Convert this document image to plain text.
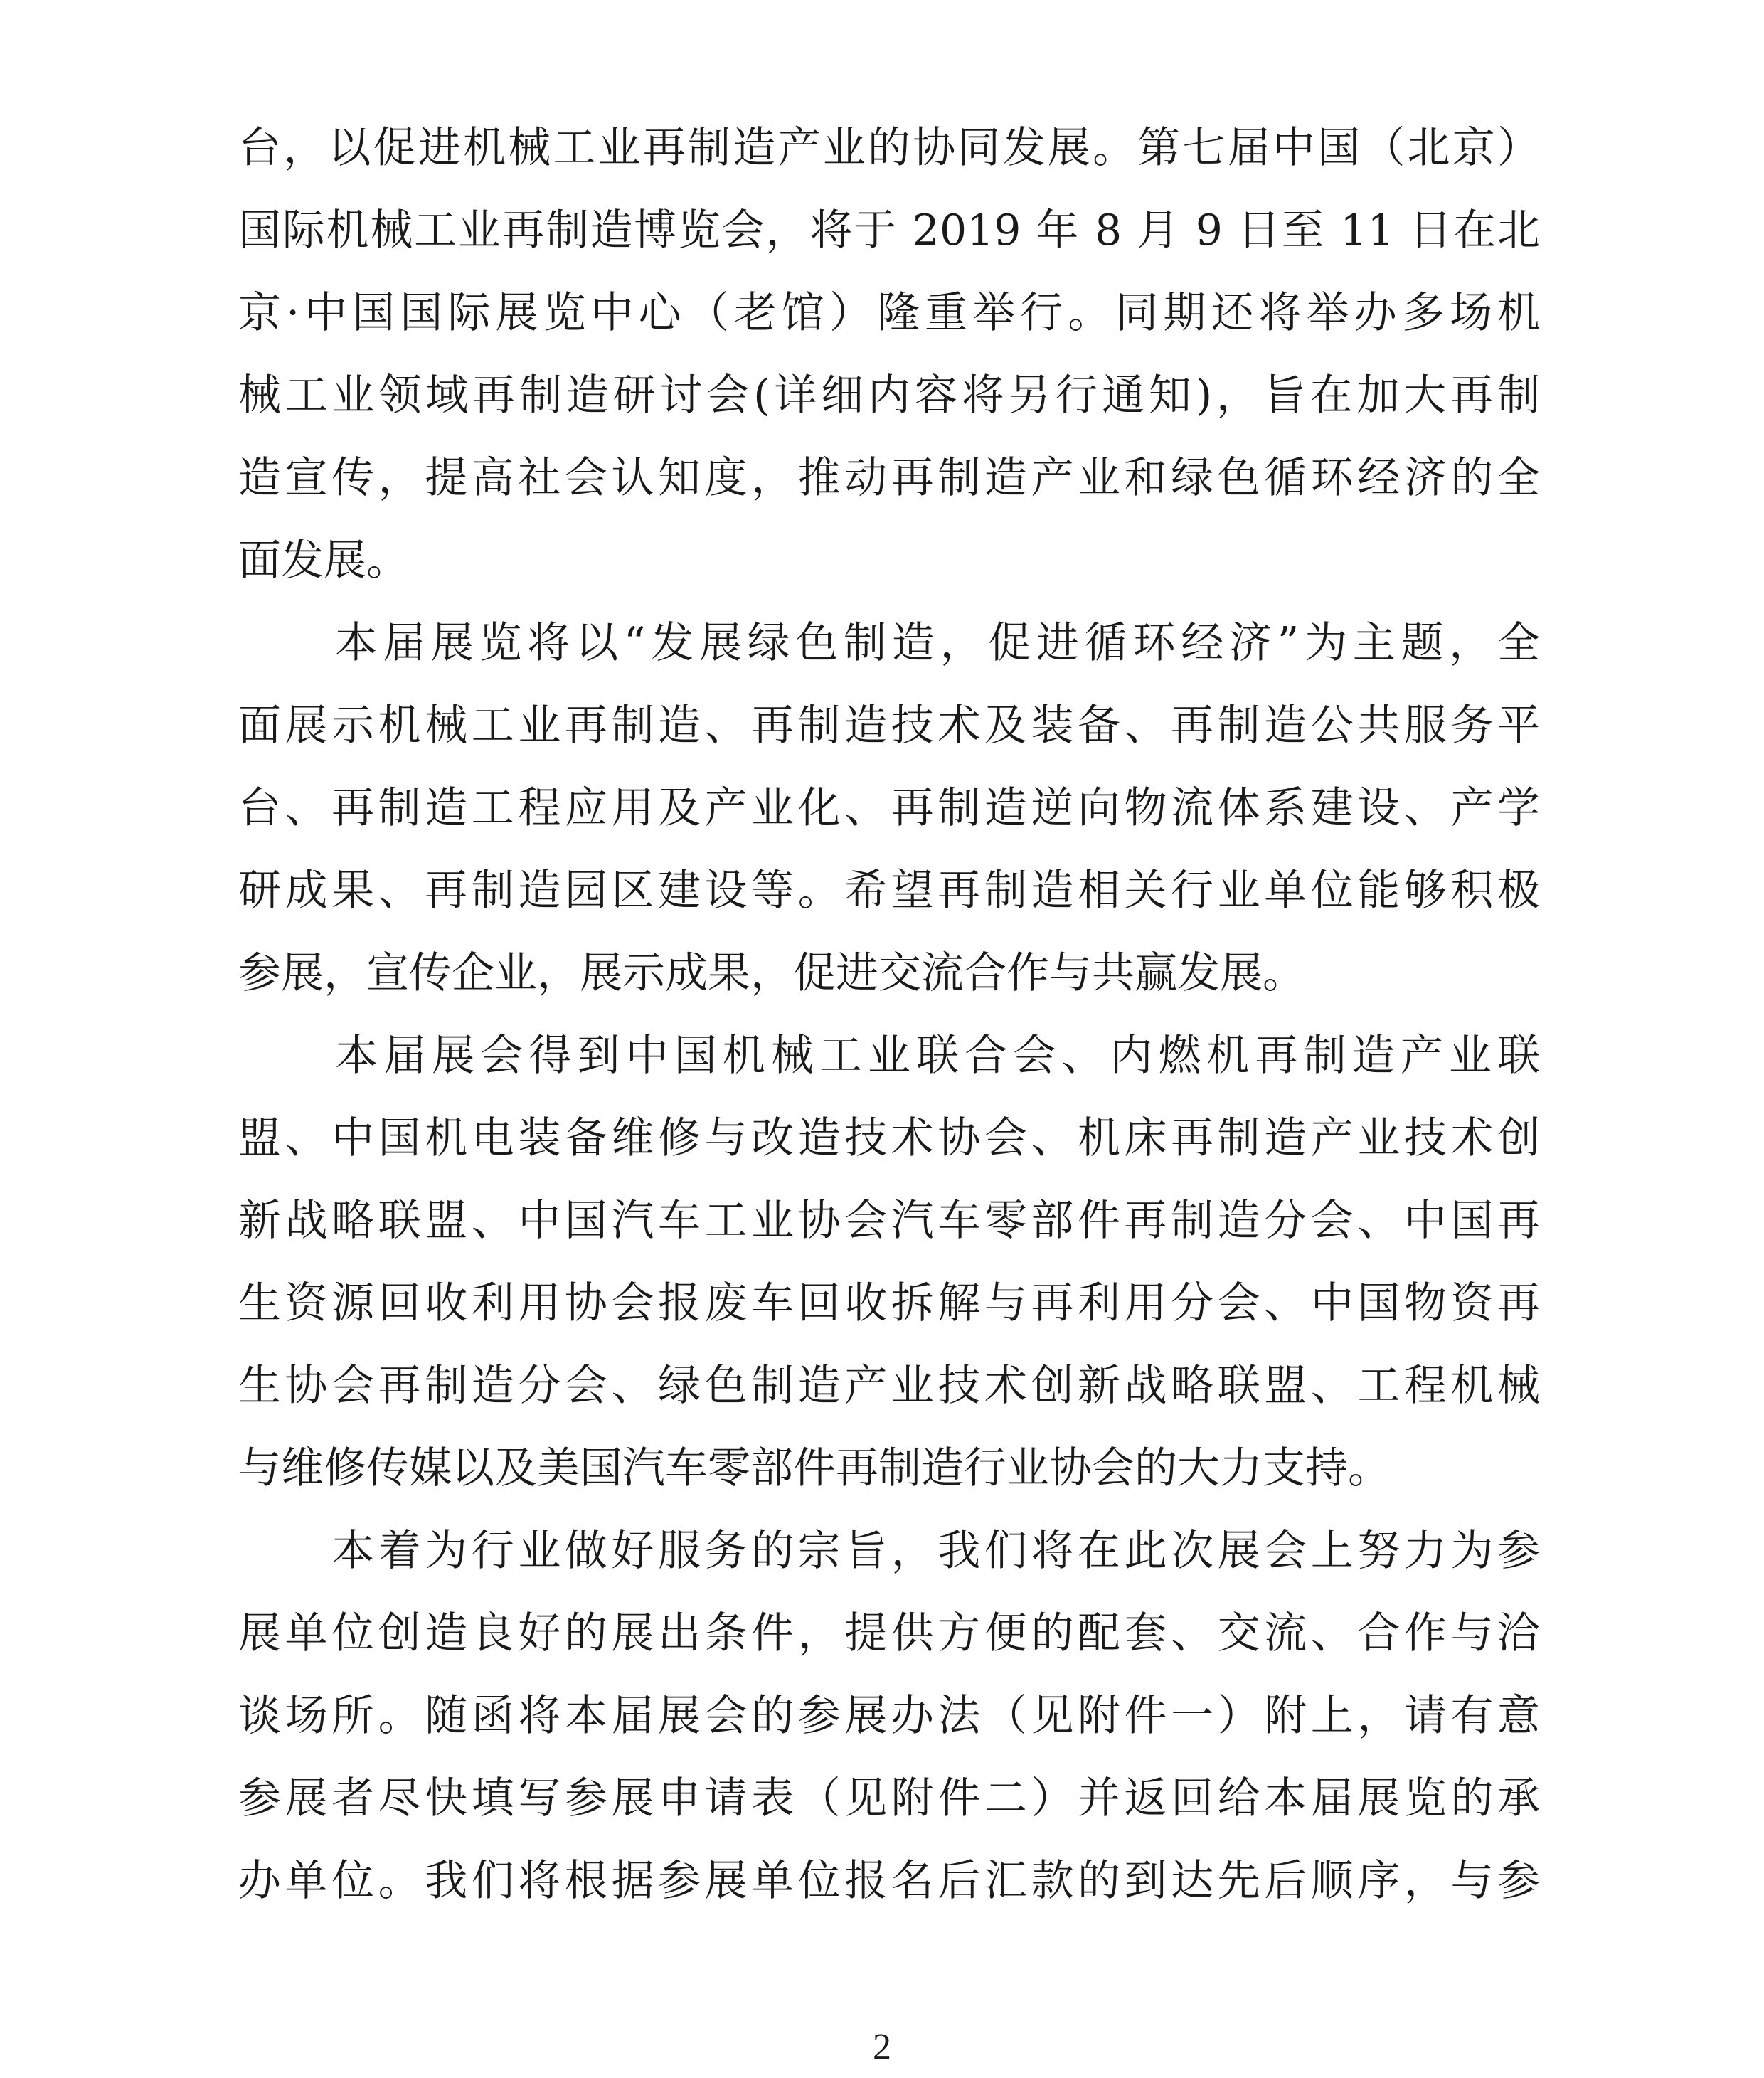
台，以促进机械工业再制造产业的协同发展。第七届中国（北京）
国际机械工业再制造博览会，将于 2019 年 8 月 9 日至 11 日在北
京·中国国际展览中心（老馆）隆重举行。同期还将举办多场机
械工业领域再制造研讨会(详细内容将另行通知)，旨在加大再制
造宣传，提高社会认知度，推动再制造产业和绿色循环经济的全
面发展。
　　本届展览将以“发展绿色制造，促进循环经济”为主题，全
面展示机械工业再制造、再制造技术及装备、再制造公共服务平
台、再制造工程应用及产业化、再制造逆向物流体系建设、产学
研成果、再制造园区建设等。希望再制造相关行业单位能够积极
参展，宣传企业，展示成果，促进交流合作与共赢发展。
　　本届展会得到中国机械工业联合会、内燃机再制造产业联
盟、中国机电装备维修与改造技术协会、机床再制造产业技术创
新战略联盟、中国汽车工业协会汽车零部件再制造分会、中国再
生资源回收利用协会报废车回收拆解与再利用分会、中国物资再
生协会再制造分会、绿色制造产业技术创新战略联盟、工程机械
与维修传媒以及美国汽车零部件再制造行业协会的大力支持。
　　本着为行业做好服务的宗旨，我们将在此次展会上努力为参
展单位创造良好的展出条件，提供方便的配套、交流、合作与洽
谈场所。随函将本届展会的参展办法（见附件一）附上，请有意
参展者尽快填写参展申请表（见附件二）并返回给本届展览的承
办单位。我们将根据参展单位报名后汇款的到达先后顺序，与参
2
